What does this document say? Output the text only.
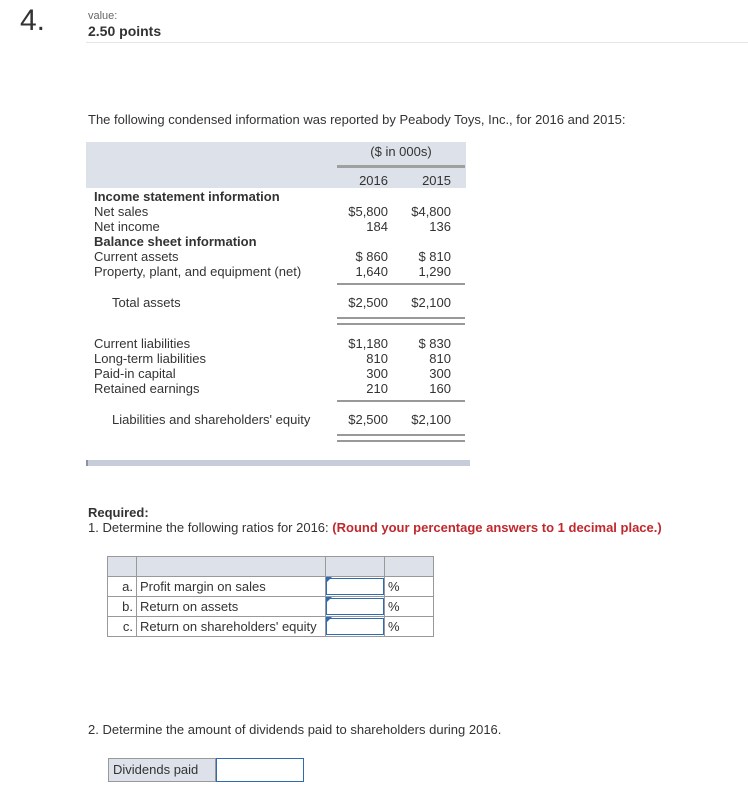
4.	value:
2.50 points
The following condensed information was reported by Peabody Toys, Inc., for 2016 and 2015:
($ in 000s)
2016	2015
Income statement information
Net sales	$5,800	$4,800
Net income	184	136
Balance sheet information
Current assets	$ 860	$ 810
Property, plant, and equipment (net)	1,640	1,290
Total assets	$2,500	$2,100
Current liabilities	$1,180	$ 830
Long-term liabilities	810	810
Paid-in capital	300	300
Retained earnings	210	160
Liabilities and shareholders' equity	$2,500	$2,100
Required:
1. Determine the following ratios for 2016: (Round your percentage answers to 1 decimal place.)

a.	Profit margin on sales		%
b.	Return on assets		%
c.	Return on shareholders' equity		%
2. Determine the amount of dividends paid to shareholders during 2016.
Dividends paid
